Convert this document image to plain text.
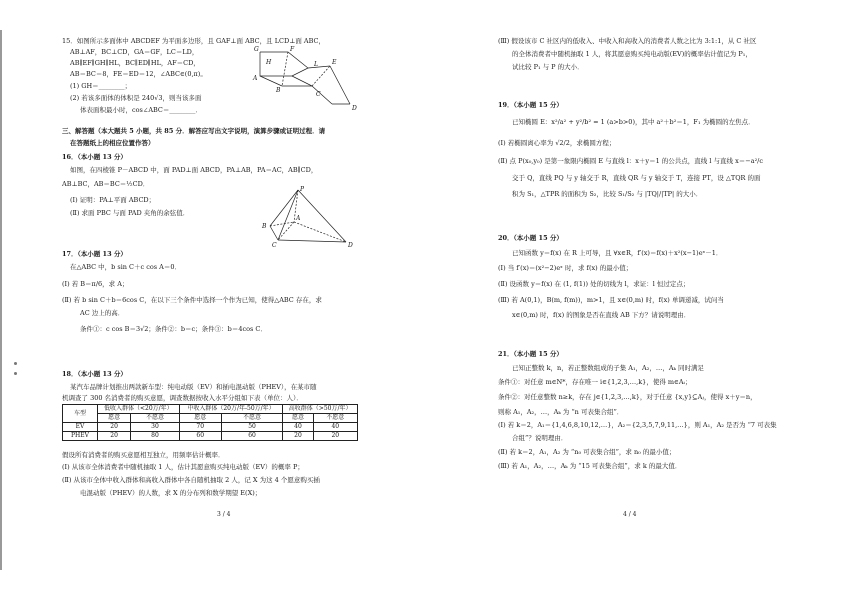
15．如图所示多面体中 ABCDEF 为平面多边形，且 GAF⊥面 ABC，且 LCD⊥面 ABC，
AB⊥AF，BC⊥CD，GA＝GF，LC＝LD，
AB∥EF∥GH∥HL，BC∥ED∥HL，AF＝CD，
AB＝BC＝8，FE＝ED＝12，∠ABC∈(0,π)。
(1) GH＝________；
(2) 若该多面体的体积是 240√3，则当该多面
体表面积最小时，cos∠ABC＝________．
G	F
L E
H
A
B
C
D
三、解答题（本大题共 5 小题，共 85 分．解答应写出文字说明，演算步骤或证明过程．请
在答题纸上的相应位置作答）
16．（本小题 13 分）
如图，在四棱锥 P－ABCD 中，面 PAD⊥面 ABCD，PA⊥AB，PA＝AC，AB∥CD，
AB⊥BC，AB＝BC＝½CD．
(Ⅰ) 证明：PA⊥平面 ABCD；
(Ⅱ) 求面 PBC 与面 PAD 夹角的余弦值．
P
A
B
C	D
17．（本小题 13 分）
在△ABC 中，b sin C＋c cos A＝0．
(Ⅰ) 若 B＝π/6，求 A；
(Ⅱ) 若 b sin C＋b＝6cos C，在以下三个条件中选择一个作为已知，使得△ABC 存在，求
AC 边上的高．
条件①：c cos B＝3√2；条件②：b＝c；条件③：b＝4cos C．
18．（本小题 13 分）
某汽车品牌计划推出两款新车型：纯电动版（EV）和插电混动版（PHEV），在某市随
机调查了 300 名消费者的购买意愿，调查数据按收入水平分组如下表（单位：人）．
车型	低收入群体（<20万/年）		中收入群体（20万/年-50万/年）		高收群体（>50万/年）	
	愿意	不愿意	愿意	不愿意	愿意	不愿意
EV	20	30	70	50	40	40
PHEV	20	80	60	60	20	20
假设所有消费者的购买意愿相互独立，用频率估计概率．
(Ⅰ) 从该市全体消费者中随机抽取 1 人，估计其愿意购买纯电动版（EV）的概率 P；
(Ⅱ) 从该市全体中收入群体和高收入群体中各自随机抽取 2 人，记 X 为这 4 个愿意购买插
电混动版（PHEV）的人数，求 X 的分布列和数学期望 E(X)；
3 / 4
(Ⅲ) 假设该市 C 社区内的低收入、中收入和高收入的消费者人数之比为 3:1:1，从 C 社区
的全体消费者中随机抽取 1 人，将其愿意购买纯电动版(EV)的概率估计值记为 P₁，
试比较 P₁ 与 P 的大小．
19．（本小题 15 分）
已知椭圆 E：x²/a² + y²/b² = 1 (a>b>0)，其中 a²＋b²＝1，F₁ 为椭圆的左焦点．
(Ⅰ) 若椭圆离心率为 √2/2，求椭圆方程；
(Ⅱ) 点 P(x₀,y₀) 是第一象限内椭圆 E 与直线 l：x＋y＝1 的公共点，直线 l 与直线 x＝−a²/c
交于 Q，直线 PQ 与 y 轴交于 R，直线 QR 与 y 轴交于 T，连接 PT，设 △TQR 的面
积为 S₁，△TPR 的面积为 S₂，比较 S₁/S₂ 与 |TQ|/|TP| 的大小．
20．（本小题 15 分）
已知函数 y＝f(x) 在 R 上可导，且 ∀x∈R，f′(x)＝f(x)＋x²(x−1)eˣ－1．
(Ⅰ) 当 f′(x)＝(x²−2)eˣ 时，求 f(x) 的最小值；
(Ⅱ) 设函数 y＝f(x) 在 (1, f(1)) 处的切线为 l，求证：l 恒过定点；
(Ⅲ) 若 A(0,1)，B(m, f(m))，m>1，且 x∈(0,m) 时，f(x) 单调递减，试问当
x∈(0,m) 时，f(x) 的图象是否在直线 AB 下方？请说明理由．
21．（本小题 15 分）
已知正整数 k，n，若正整数组成的子集 A₁，A₂，…，Aₖ 同时满足
条件①：对任意 m∈N*，存在唯一 i∈{1,2,3,…,k}，使得 m∈Aᵢ；
条件②：对任意整数 n≥k，存在 j∈{1,2,3,…,k}，对于任意 {x,y}⊆Aⱼ，使得 x＋y＝n，
则称 A₁，A₂，…，Aₖ 为 “n 可表集合组”．
(Ⅰ) 若 k＝2，A₁＝{1,4,6,8,10,12,…}，A₂＝{2,3,5,7,9,11,…}，则 A₁，A₂ 是否为 “7 可表集
合组”？说明理由．
(Ⅱ) 若 k＝2，A₁，A₂ 为 “n₀ 可表集合组”，求 n₀ 的最小值；
(Ⅲ) 若 A₁，A₂，…，Aₖ 为 “15 可表集合组”，求 k 的最大值．
4 / 4
